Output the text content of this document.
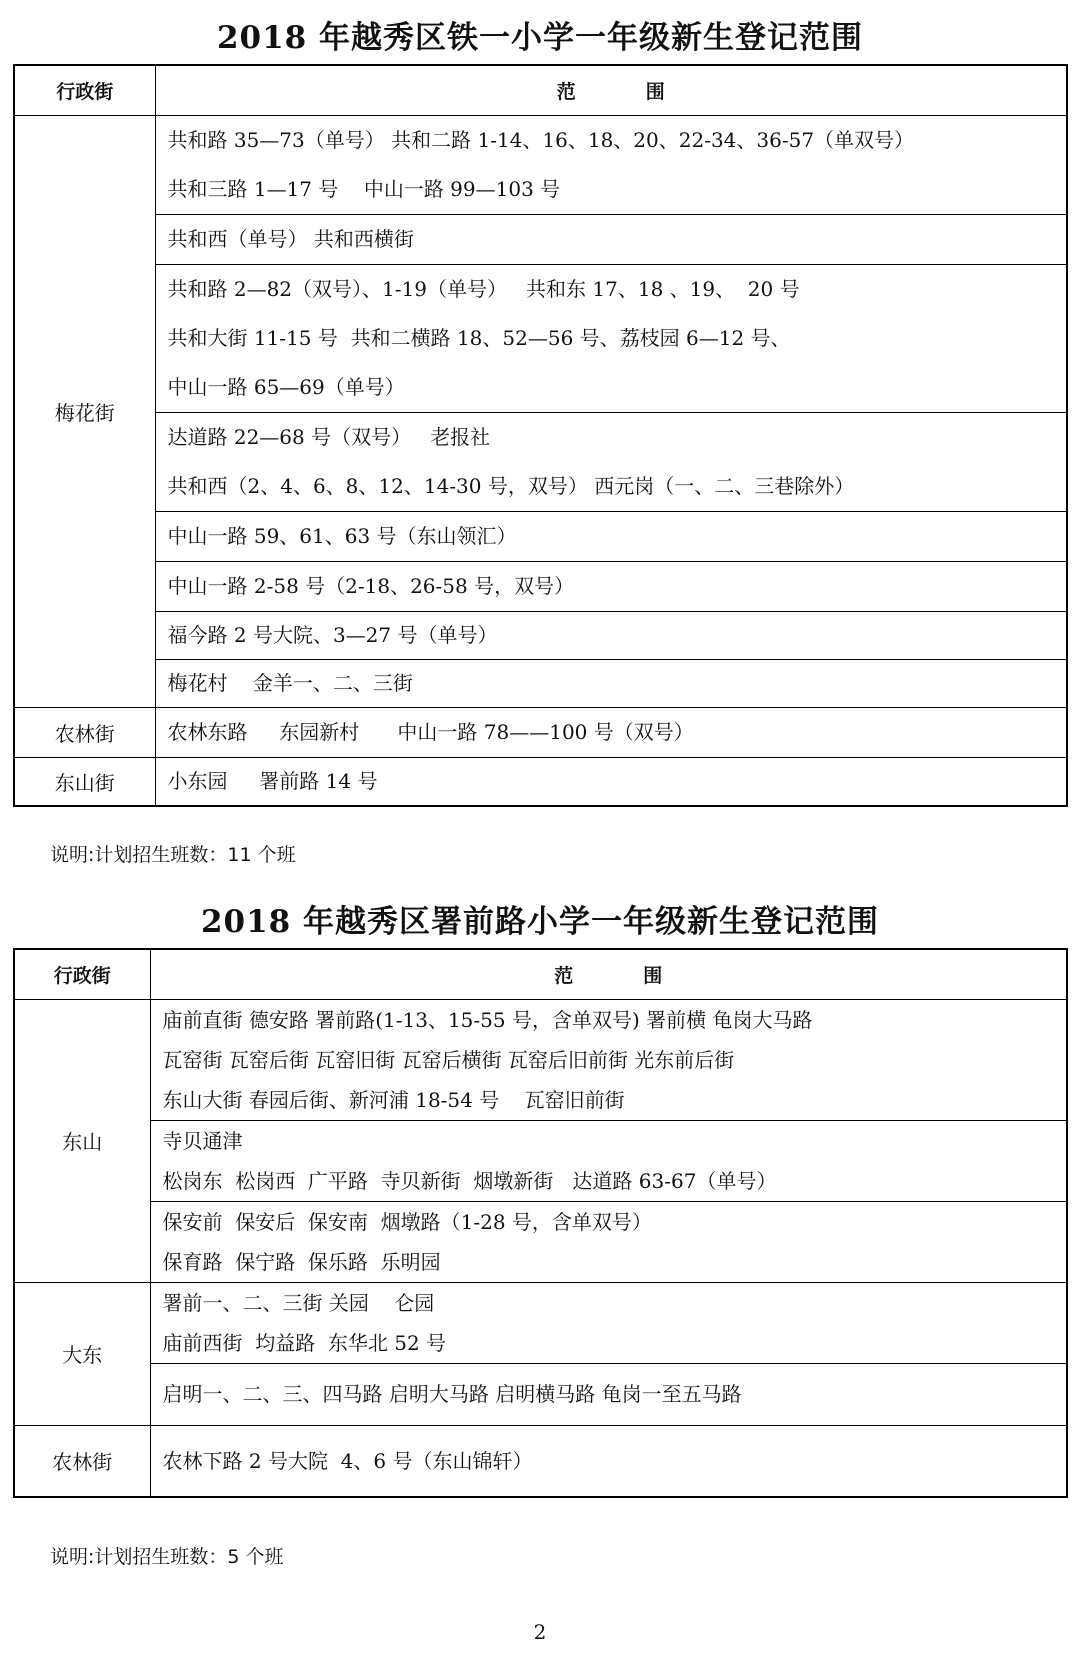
2018 年越秀区铁一小学一年级新生登记范围
行政街	范 围
梅花街	共和路 35—73（单号） 共和二路 1-14、16、18、20、22-34、36-57（单双号）
共和三路 1—17 号    中山一路 99—103 号

	共和西（单号） 共和西横街

	共和路 2—82（双号）、1-19（单号）   共和东 17、18 、19、  20 号
共和大街 11-15 号  共和二横路 18、52—56 号、荔枝园 6—12 号、
中山一路 65—69（单号）

	达道路 22—68 号（双号）   老报社
共和西（2、4、6、8、12、14-30 号，双号） 西元岗（一、二、三巷除外）

	中山一路 59、61、63 号（东山领汇）

	中山一路 2-58 号（2-18、26-58 号，双号）

	福今路 2 号大院、3—27 号（单号）

	梅花村    金羊一、二、三街

农林街	农林东路     东园新村      中山一路 78——100 号（双号）

东山街	小东园     署前路 14 号
说明:计划招生班数：11 个班
2018 年越秀区署前路小学一年级新生登记范围
行政街	范 围
东山	庙前直街 德安路 署前路(1-13、15-55 号，含单双号) 署前横 龟岗大马路
瓦窑街 瓦窑后街 瓦窑旧街 瓦窑后横街 瓦窑后旧前街 光东前后街
东山大街 春园后街、新河浦 18-54 号    瓦窑旧前街

	寺贝通津
松岗东  松岗西  广平路  寺贝新街  烟墩新街   达道路 63-67（单号）

	保安前  保安后  保安南  烟墩路（1-28 号，含单双号）
保育路  保宁路  保乐路  乐明园

大东	署前一、二、三街 关园    仑园
庙前西街  均益路  东华北 52 号

	启明一、二、三、四马路 启明大马路 启明横马路 龟岗一至五马路

农林街	农林下路 2 号大院  4、6 号（东山锦轩）
说明:计划招生班数：5 个班
2
